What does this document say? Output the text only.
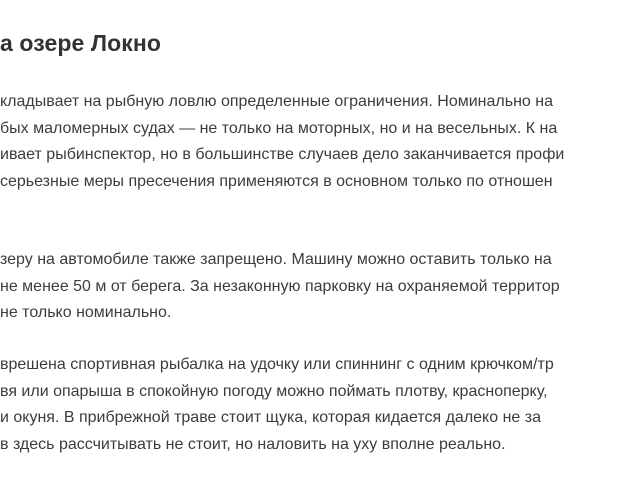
а озере Локно

кладывает на рыбную ловлю определенные ограничения. Номинально на
бых маломерных судах — не только на моторных, но и на весельных. К на
ивает рыбинспектор, но в большинстве случаев дело заканчивается профи
серьезные меры пресечения применяются в основном только по отношен

зеру на автомобиле также запрещено. Машину можно оставить только на
не менее 50 м от берега. За незаконную парковку на охраняемой территор
не только номинально.

врешена спортивная рыбалка на удочку или спиннинг с одним крючком/тр
вя или опарыша в спокойную погоду можно поймать плотву, красноперку,
и окуня. В прибрежной траве стоит щука, которая кидается далеко не за
в здесь рассчитывать не стоит, но наловить на уху вполне реально.
